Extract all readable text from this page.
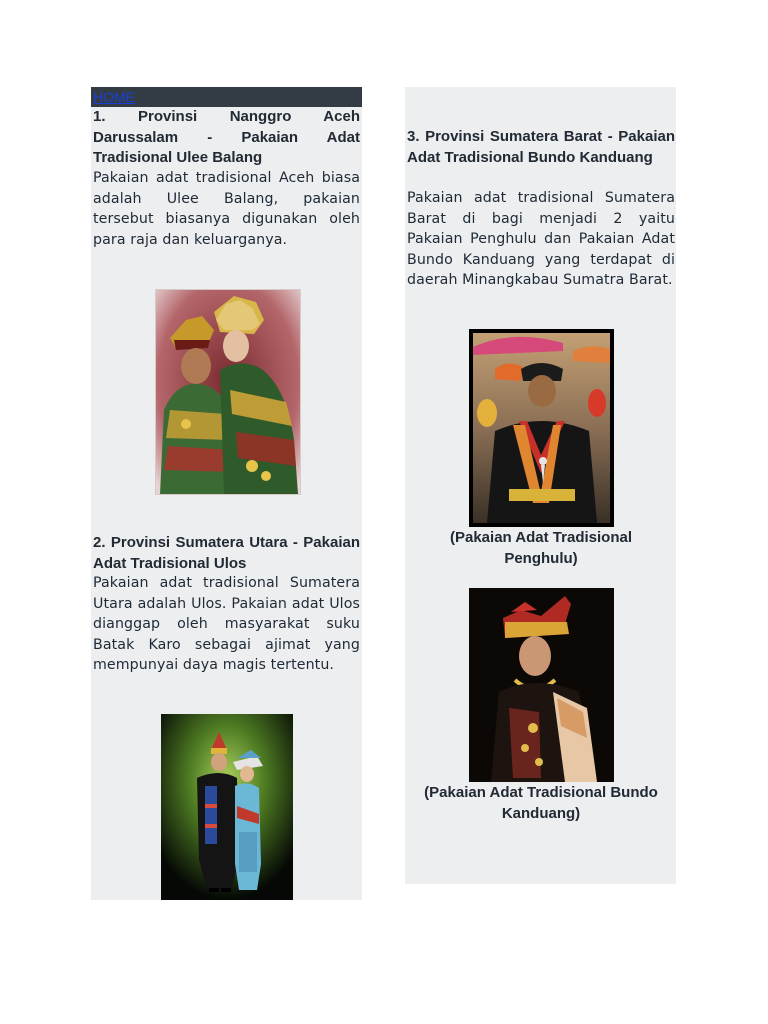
HOME

1. Provinsi Nanggro Aceh Darussalam - Pakaian Adat Tradisional Ulee Balang

Pakaian adat tradisional Aceh biasa adalah Ulee Balang, pakaian tersebut biasanya digunakan oleh para raja dan keluarganya.

2. Provinsi Sumatera Utara - Pakaian Adat Tradisional Ulos

Pakaian adat tradisional Sumatera Utara adalah Ulos. Pakaian adat Ulos dianggap oleh masyarakat suku Batak Karo sebagai ajimat yang mempunyai daya magis tertentu.

3. Provinsi Sumatera Barat - Pakaian Adat Tradisional Bundo Kanduang

Pakaian adat tradisional Sumatera Barat di bagi menjadi 2 yaitu Pakaian Penghulu dan Pakaian Adat Bundo Kanduang yang terdapat di daerah Minangkabau Sumatra Barat.

(Pakaian Adat Tradisional Penghulu)

(Pakaian Adat Tradisional Bundo Kanduang)
